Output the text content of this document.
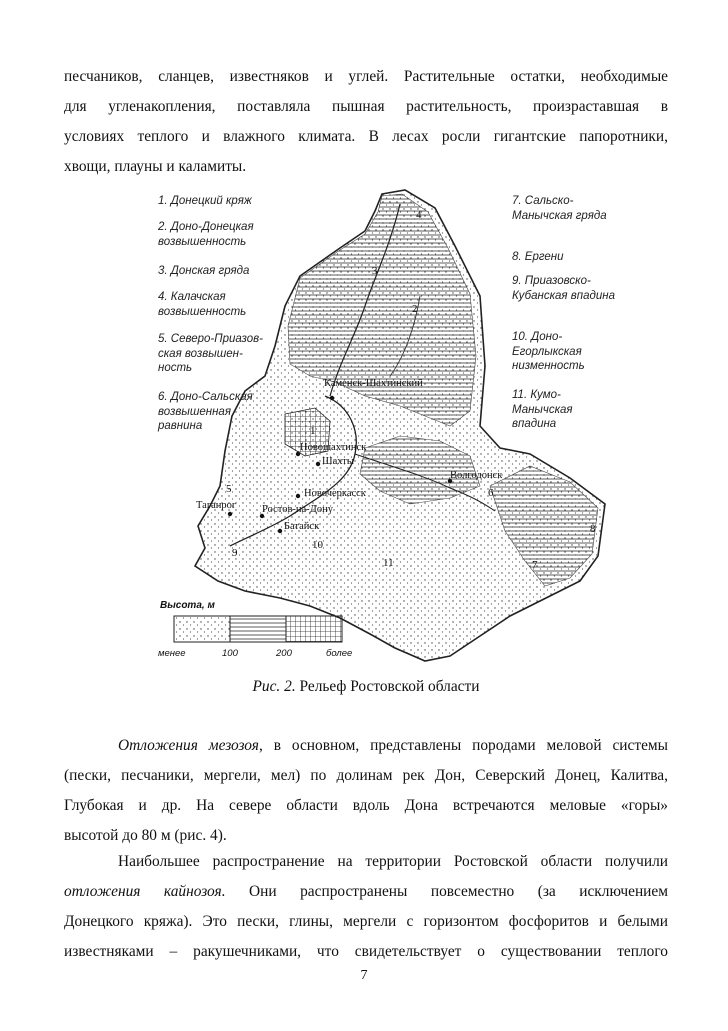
песчаников, сланцев, известняков и углей. Растительные остатки, необходимые
для угленакопления, поставляла пышная растительность, произраставшая в
условиях теплого и влажного климата. В лесах росли гигантские папоротники,
хвощи, плауны и каламиты.
1
2
3
4
5	6
7
8
9
10
11
Каменск-Шахтинский
Новошахтинск
Шахты
Новочеркасск
Волгодонск
Таганрог Ростов-на-Дону
Батайск
Высота, м
менее	100	200	более
1. Донецкий кряж
2. Доно-Донецкая возвышенность
3. Донская гряда
4. Калачская возвышенность
5. Северо-Приазов-ская возвышен-ность
6. Доно-Сальская возвышенная равнина
7. Сальско-Манычская гряда
8. Ергени
9. Приазовско-Кубанская впадина
10. Доно-Егорлыкская низменность
11. Кумо-Манычская впадина
Рис. 2. Рельеф Ростовской области
Отложения мезозоя, в основном, представлены породами меловой системы
(пески, песчаники, мергели, мел) по долинам рек Дон, Северский Донец, Калитва,
Глубокая и др. На севере области вдоль Дона встречаются меловые «горы»
высотой до 80 м (рис. 4).
Наибольшее распространение на территории Ростовской области получили
отложения кайнозоя. Они распространены повсеместно (за исключением
Донецкого кряжа). Это пески, глины, мергели с горизонтом фосфоритов и белыми
известняками – ракушечниками, что свидетельствует о существовании теплого
7
